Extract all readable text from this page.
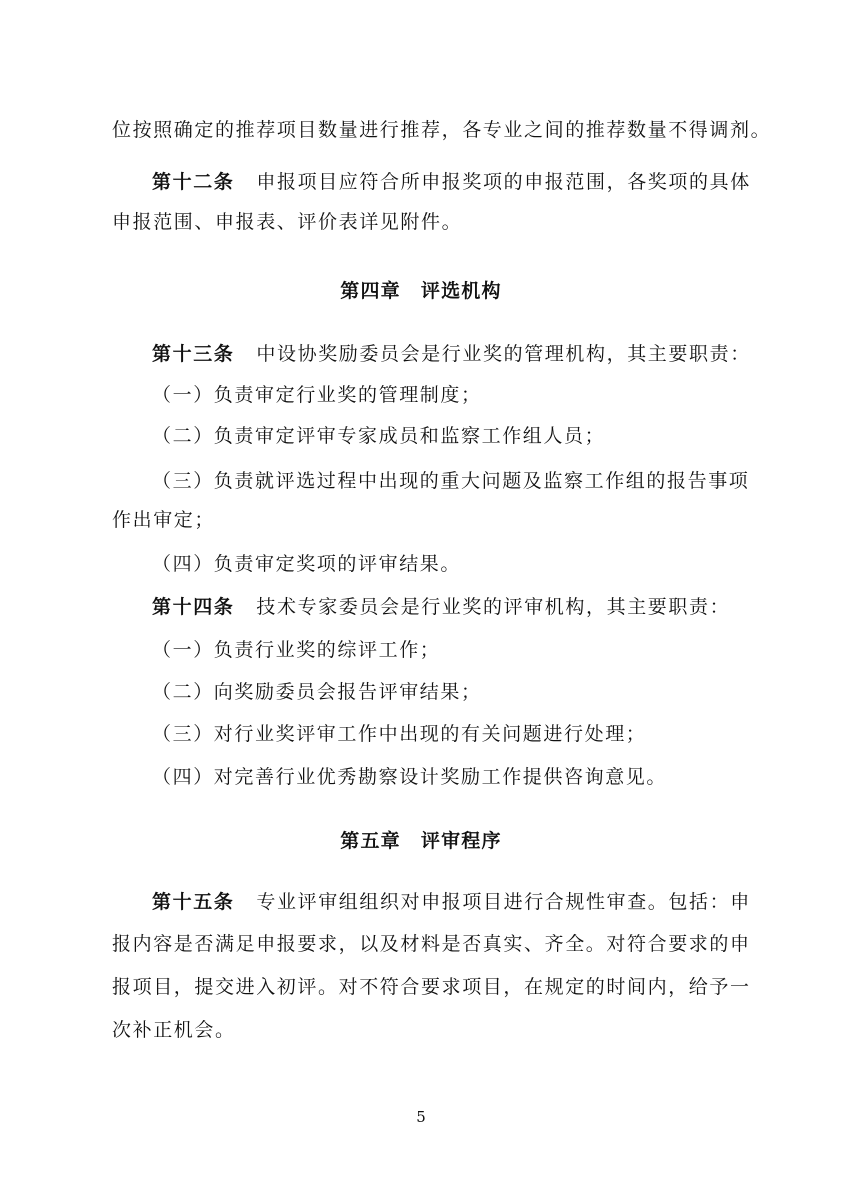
位按照确定的推荐项目数量进行推荐，各专业之间的推荐数量不得调剂。
第十二条 申报项目应符合所申报奖项的申报范围，各奖项的具体
申报范围、申报表、评价表详见附件。
第四章 评选机构
第十三条 中设协奖励委员会是行业奖的管理机构，其主要职责：
（一）负责审定行业奖的管理制度；
（二）负责审定评审专家成员和监察工作组人员；
（三）负责就评选过程中出现的重大问题及监察工作组的报告事项
作出审定；
（四）负责审定奖项的评审结果。
第十四条 技术专家委员会是行业奖的评审机构，其主要职责：
（一）负责行业奖的综评工作；
（二）向奖励委员会报告评审结果；
（三）对行业奖评审工作中出现的有关问题进行处理；
（四）对完善行业优秀勘察设计奖励工作提供咨询意见。
第五章 评审程序
第十五条 专业评审组组织对申报项目进行合规性审查。包括：申
报内容是否满足申报要求，以及材料是否真实、齐全。对符合要求的申
报项目，提交进入初评。对不符合要求项目，在规定的时间内，给予一
次补正机会。
5
